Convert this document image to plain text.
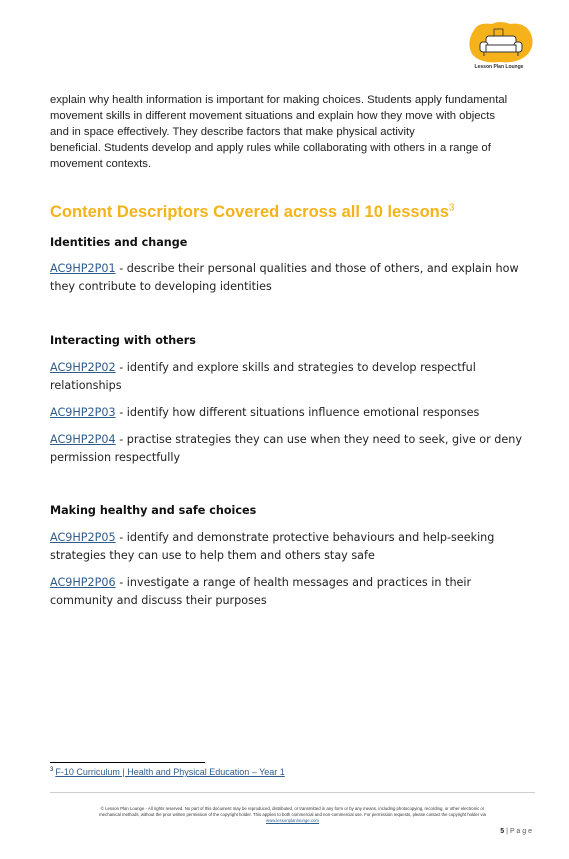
Lesson Plan Lounge
explain why health information is important for making choices. Students apply fundamental
movement skills in different movement situations and explain how they move with objects
and in space effectively. They describe factors that make physical activity
beneficial. Students develop and apply rules while collaborating with others in a range of
movement contexts.
Content Descriptors Covered across all 10 lessons$^3$
Identities and change

AC9HP2P01 - describe their personal qualities and those of others, and explain how they contribute to developing identities

Interacting with others

AC9HP2P02 - identify and explore skills and strategies to develop respectful relationships

AC9HP2P03 - identify how different situations influence emotional responses

AC9HP2P04 - practise strategies they can use when they need to seek, give or deny permission respectfully

Making healthy and safe choices

AC9HP2P05 - identify and demonstrate protective behaviours and help-seeking strategies they can use to help them and others stay safe

AC9HP2P06 - investigate a range of health messages and practices in their community and discuss their purposes

$^3$ F-10 Curriculum | Health and Physical Education – Year 1
© Lesson Plan Lounge - All rights reserved. No part of this document may be reproduced, distributed, or transmitted in any form or by any means, including photocopying, recording, or other electronic or
mechanical methods, without the prior written permission of the copyright holder. This applies to both commercial and non-commercial use. For permission requests, please contact the copyright holder via
www.lessonplanlounge.com
5 | P a g e
